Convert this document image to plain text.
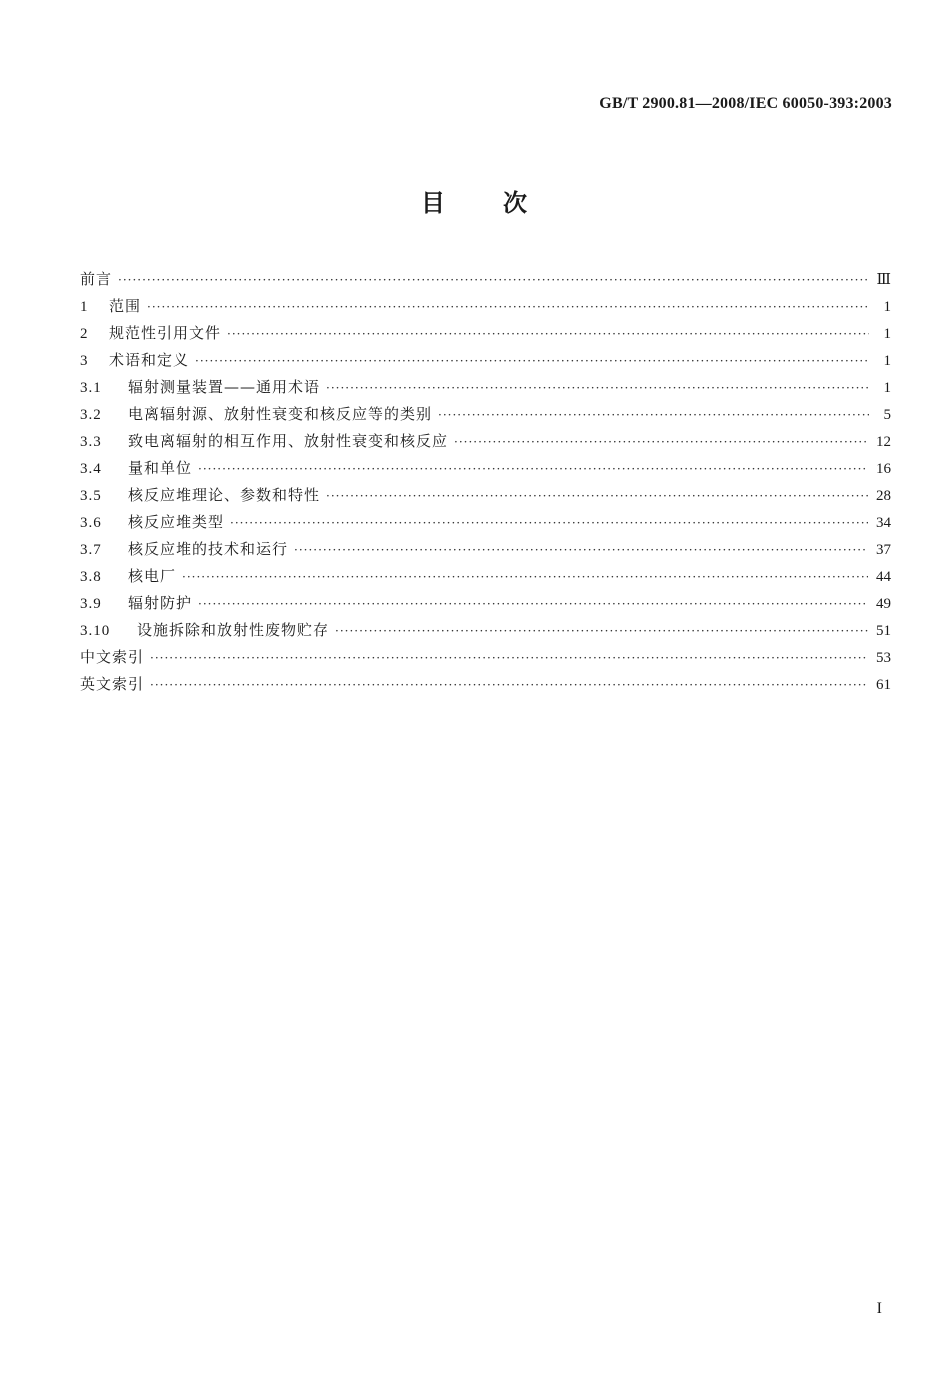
GB/T 2900.81—2008/IEC 60050-393:2003
目 次
前言 ·····	Ⅲ
1	范围 ·····	1
2	规范性引用文件 ·····	1
3	术语和定义 ·····	1
3.1	辐射测量装置——通用术语 ·····	1
3.2	电离辐射源、放射性衰变和核反应等的类别 ·····	5
3.3	致电离辐射的相互作用、放射性衰变和核反应 ·····	12
3.4	量和单位 ·····	16
3.5	核反应堆理论、参数和特性 ·····	28
3.6	核反应堆类型 ·····	34
3.7	核反应堆的技术和运行 ·····	37
3.8	核电厂 ·····	44
3.9	辐射防护 ·····	49
3.10	设施拆除和放射性废物贮存 ·····	51
中文索引 ·····	53
英文索引 ·····	61
I
